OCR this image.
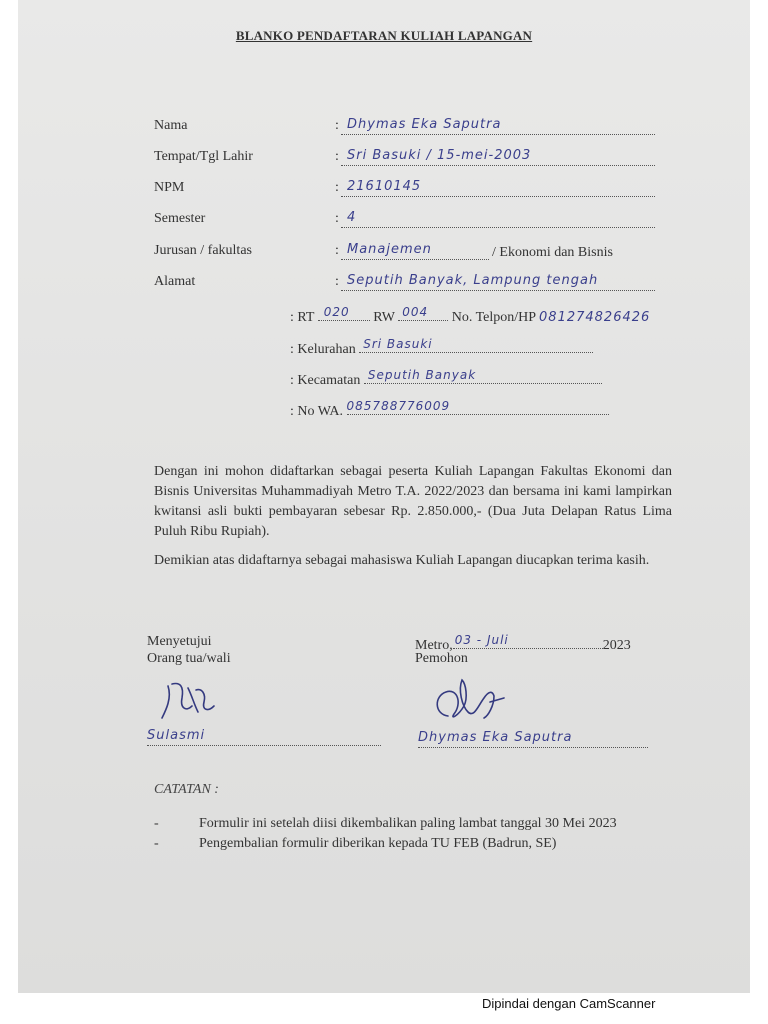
BLANKO PENDAFTARAN KULIAH LAPANGAN
Nama	: Dhymas Eka Saputra
Tempat/Tgl Lahir	: Sri Basuki / 15-mei-2003
NPM	: 21610145
Semester	: 4
Jurusan / fakultas	: Manajemen	/ Ekonomi dan Bisnis
Alamat	: Seputih Banyak, Lampung tengah
: RT 020 RW 004 No. Telpon/HP 081274826426
: Kelurahan Sri Basuki
: Kecamatan Seputih Banyak
: No WA. 085788776009
Dengan ini mohon didaftarkan sebagai peserta Kuliah Lapangan Fakultas Ekonomi dan Bisnis Universitas Muhammadiyah Metro T.A. 2022/2023 dan bersama ini kami lampirkan kwitansi asli bukti pembayaran sebesar Rp. 2.850.000,- (Dua Juta Delapan Ratus Lima Puluh Ribu Rupiah).
Demikian atas didaftarnya sebagai mahasiswa Kuliah Lapangan diucapkan terima kasih.
Menyetujui
Orang tua/wali
Metro, 03 - Juli	2023
Pemohon
Sulasmi	Dhymas Eka Saputra
CATATAN :
-	Formulir ini setelah diisi dikembalikan paling lambat tanggal 30 Mei 2023
-	Pengembalian formulir diberikan kepada TU FEB (Badrun, SE)
Dipindai dengan CamScanner
